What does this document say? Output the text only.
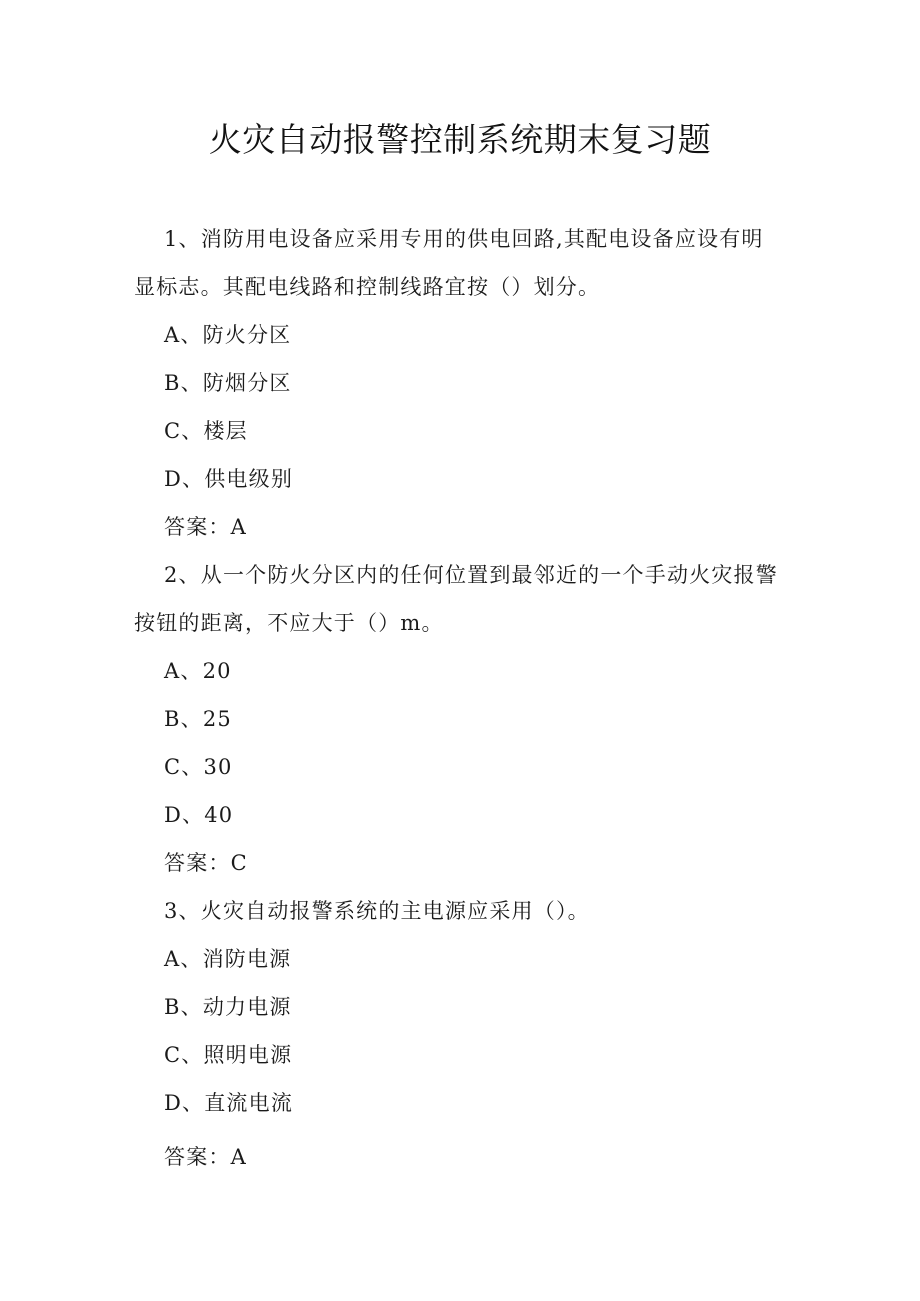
火灾自动报警控制系统期末复习题

1、消防用电设备应采用专用的供电回路,其配电设备应设有明显标志。其配电线路和控制线路宜按（）划分。

A、防火分区

B、防烟分区

C、楼层

D、供电级别

答案：A

2、从一个防火分区内的任何位置到最邻近的一个手动火灾报警按钮的距离，不应大于（）m。

A、20

B、25

C、30

D、40

答案：C

3、火灾自动报警系统的主电源应采用（）。

A、消防电源

B、动力电源

C、照明电源

D、直流电流

答案：A
